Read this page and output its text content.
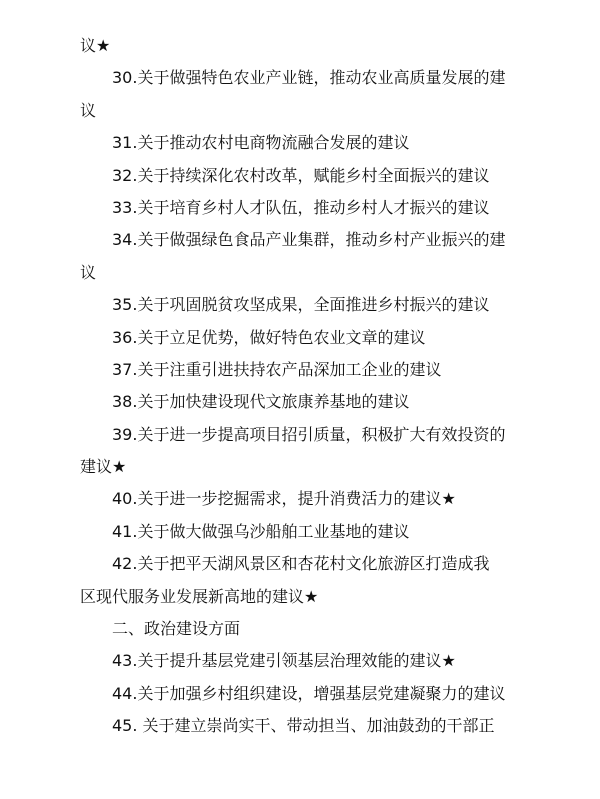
议★
30.关于做强特色农业产业链，推动农业高质量发展的建
议
31.关于推动农村电商物流融合发展的建议
32.关于持续深化农村改革，赋能乡村全面振兴的建议
33.关于培育乡村人才队伍，推动乡村人才振兴的建议
34.关于做强绿色食品产业集群，推动乡村产业振兴的建
议
35.关于巩固脱贫攻坚成果，全面推进乡村振兴的建议
36.关于立足优势，做好特色农业文章的建议
37.关于注重引进扶持农产品深加工企业的建议
38.关于加快建设现代文旅康养基地的建议
39.关于进一步提高项目招引质量，积极扩大有效投资的
建议★
40.关于进一步挖掘需求，提升消费活力的建议★
41.关于做大做强乌沙船舶工业基地的建议
42.关于把平天湖风景区和杏花村文化旅游区打造成我
区现代服务业发展新高地的建议★
二、政治建设方面
43.关于提升基层党建引领基层治理效能的建议★
44.关于加强乡村组织建设，增强基层党建凝聚力的建议
45. 关于建立崇尚实干、带动担当、加油鼓劲的干部正
